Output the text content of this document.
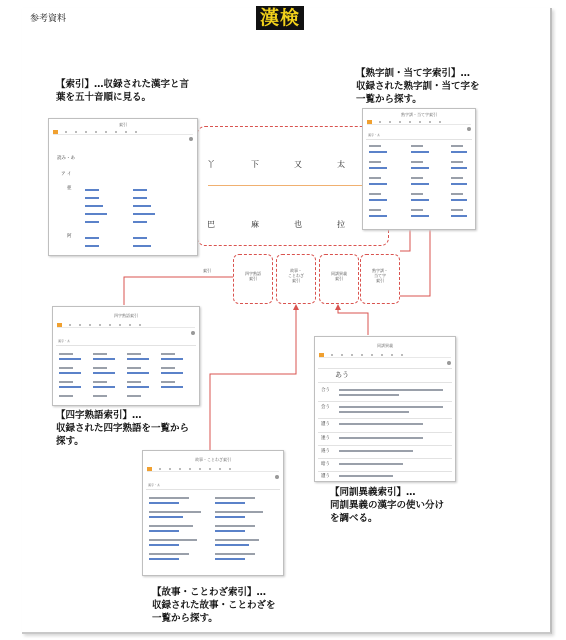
参考資料	漢検
【索引】…収録された漢字と言
葉を五十音順に見る。
【熟字訓・当て字索引】…
収録された熟字訓・当て字を
一覧から探す。
【四字熟語索引】…
収録された四字熟語を一覧から
探す。
【同訓異義索引】…
同訓異義の漢字の使い分け
を調べる。
【故事・ことわざ索引】…
収録された故事・ことわざを
一覧から探す。
丫	下	又	太
巴	麻	也	拉
索引
四字熟語
索引
故事・
ことわざ
索引
同訓異義
索引
熟字訓・
当て字
索引
索引
読み・あ
ア イ
亜
阿
熟字訓・当て字索引
漢字・あ
四字熟語索引
漢字・あ
同訓異義
あう
合う
会う
遭う
逢う
遇う
暗う
遭う
故事・ことわざ索引
漢字・あ
